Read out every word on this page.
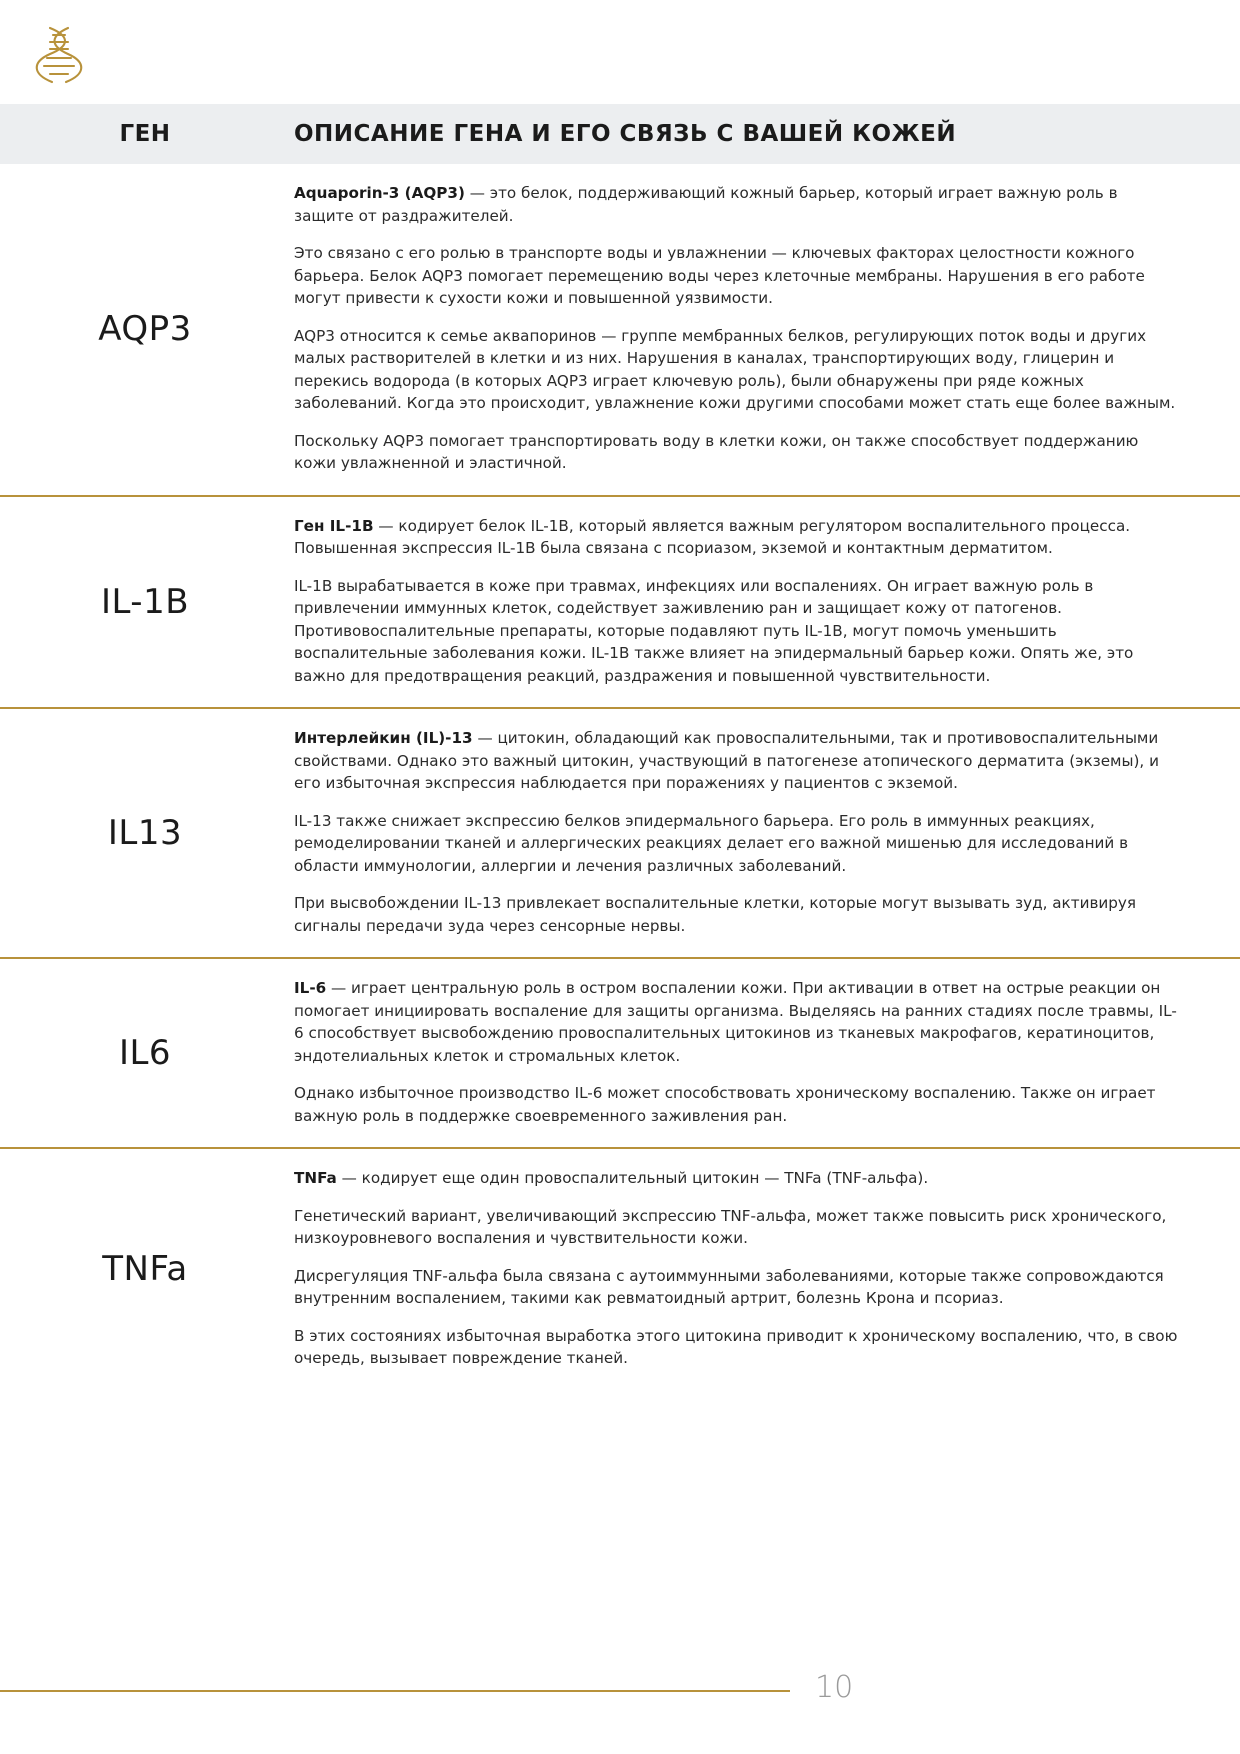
ГЕН	ОПИСАНИЕ ГЕНА И ЕГО СВЯЗЬ С ВАШЕЙ КОЖЕЙ
AQP3

Aquaporin-3 (AQP3) — это белок, поддерживающий кожный барьер, который играет важную роль в защите от раздражителей.

Это связано с его ролью в транспорте воды и увлажнении — ключевых факторах целостности кожного барьера. Белок AQP3 помогает перемещению воды через клеточные мембраны. Нарушения в его работе могут привести к сухости кожи и повышенной уязвимости.

AQP3 относится к семье аквапоринов — группе мембранных белков, регулирующих поток воды и других малых растворителей в клетки и из них. Нарушения в каналах, транспортирующих воду, глицерин и перекись водорода (в которых AQP3 играет ключевую роль), были обнаружены при ряде кожных заболеваний. Когда это происходит, увлажнение кожи другими способами может стать еще более важным.

Поскольку AQP3 помогает транспортировать воду в клетки кожи, он также способствует поддержанию кожи увлажненной и эластичной.

IL-1B

Ген IL-1B — кодирует белок IL-1B, который является важным регулятором воспалительного процесса. Повышенная экспрессия IL-1B была связана с псориазом, экземой и контактным дерматитом.

IL-1B вырабатывается в коже при травмах, инфекциях или воспалениях. Он играет важную роль в привлечении иммунных клеток, содействует заживлению ран и защищает кожу от патогенов. Противовоспалительные препараты, которые подавляют путь IL-1B, могут помочь уменьшить воспалительные заболевания кожи. IL-1B также влияет на эпидермальный барьер кожи. Опять же, это важно для предотвращения реакций, раздражения и повышенной чувствительности.

IL13

Интерлейкин (IL)-13 — цитокин, обладающий как провоспалительными, так и противовоспалительными свойствами. Однако это важный цитокин, участвующий в патогенезе атопического дерматита (экземы), и его избыточная экспрессия наблюдается при поражениях у пациентов с экземой.

IL-13 также снижает экспрессию белков эпидермального барьера. Его роль в иммунных реакциях, ремоделировании тканей и аллергических реакциях делает его важной мишенью для исследований в области иммунологии, аллергии и лечения различных заболеваний.

При высвобождении IL-13 привлекает воспалительные клетки, которые могут вызывать зуд, активируя сигналы передачи зуда через сенсорные нервы.

IL6

IL-6 — играет центральную роль в остром воспалении кожи. При активации в ответ на острые реакции он помогает инициировать воспаление для защиты организма. Выделяясь на ранних стадиях после травмы, IL-6 способствует высвобождению провоспалительных цитокинов из тканевых макрофагов, кератиноцитов, эндотелиальных клеток и стромальных клеток.

Однако избыточное производство IL-6 может способствовать хроническому воспалению. Также он играет важную роль в поддержке своевременного заживления ран.

TNFa

TNFa — кодирует еще один провоспалительный цитокин — TNFa (TNF-альфа).

Генетический вариант, увеличивающий экспрессию TNF-альфа, может также повысить риск хронического, низкоуровневого воспаления и чувствительности кожи.

Дисрегуляция TNF-альфа была связана с аутоиммунными заболеваниями, которые также сопровождаются внутренним воспалением, такими как ревматоидный артрит, болезнь Крона и псориаз.

В этих состояниях избыточная выработка этого цитокина приводит к хроническому воспалению, что, в свою очередь, вызывает повреждение тканей.

10
